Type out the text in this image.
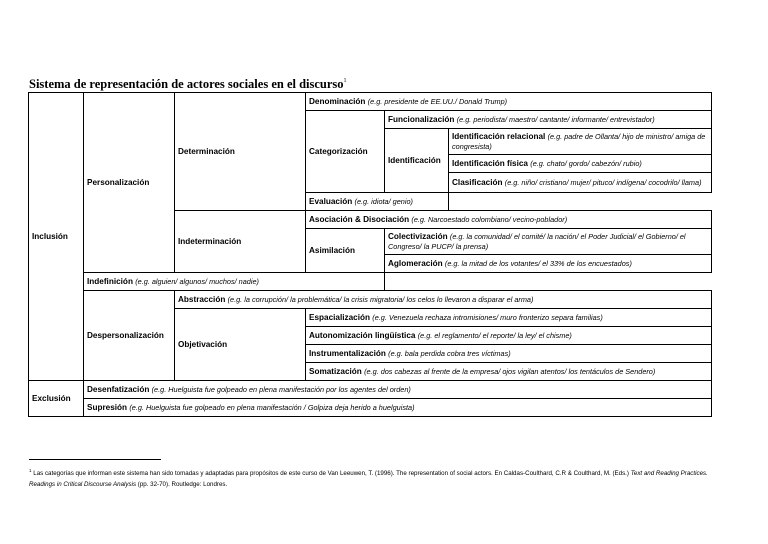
Sistema de representación de actores sociales en el discurso$^1$
Inclusión	Personalización	Determinación	Denominación (e.g. presidente de EE.UU./ Donald Trump)		
			Categorización	Funcionalización (e.g. periodista/ maestro/ cantante/ informante/ entrevistador)	
				Identificación	Identificación relacional (e.g. padre de Ollanta/ hijo de ministro/ amiga de congresista)
					Identificación física (e.g. chato/ gordo/ cabezón/ rubio)
					Clasificación (e.g. niño/ cristiano/ mujer/ pituco/ indígena/ cocodrilo/ llama)
			Evaluación (e.g. idiota/ genio)		
		Indeterminación	Asociación & Disociación (e.g. Narcoestado colombiano/ vecino-poblador)		
			Asimilación	Colectivización (e.g. la comunidad/ el comité/ la nación/ el Poder Judicial/ el Gobierno/ el Congreso/ la PUCP/ la prensa)	
				Aglomeración (e.g. la mitad de los votantes/ el 33% de los encuestados)	
	Indefinición (e.g. alguien/ algunos/ muchos/ nadie)				
	Despersonalización	Abstracción (e.g. la corrupción/ la problemática/ la crisis migratoria/ los celos lo llevaron a disparar el arma)			
		Objetivación	Espacialización (e.g. Venezuela rechaza intromisiones/ muro fronterizo separa familias)		
			Autonomización lingüística (e.g. el reglamento/ el reporte/ la ley/ el chisme)		
			Instrumentalización (e.g. bala perdida cobra tres víctimas)		
			Somatización (e.g. dos cabezas al frente de la empresa/ ojos vigilan atentos/ los tentáculos de Sendero)		
Exclusión	Desenfatización (e.g. Huelguista fue golpeado en plena manifestación por los agentes del orden)				
	Supresión (e.g. Huelguista fue golpeado en plena manifestación / Golpiza deja herido a huelguista)				
$^1$ Las categorías que informan este sistema han sido tomadas y adaptadas para propósitos de este curso de Van Leeuwen, T. (1996). The representation of social actors. En Caldas-Coulthard, C.R & Coulthard, M. (Eds.) Text and Reading Practices. Readings in Critical Discourse Analysis (pp. 32-70). Routledge: Londres.
